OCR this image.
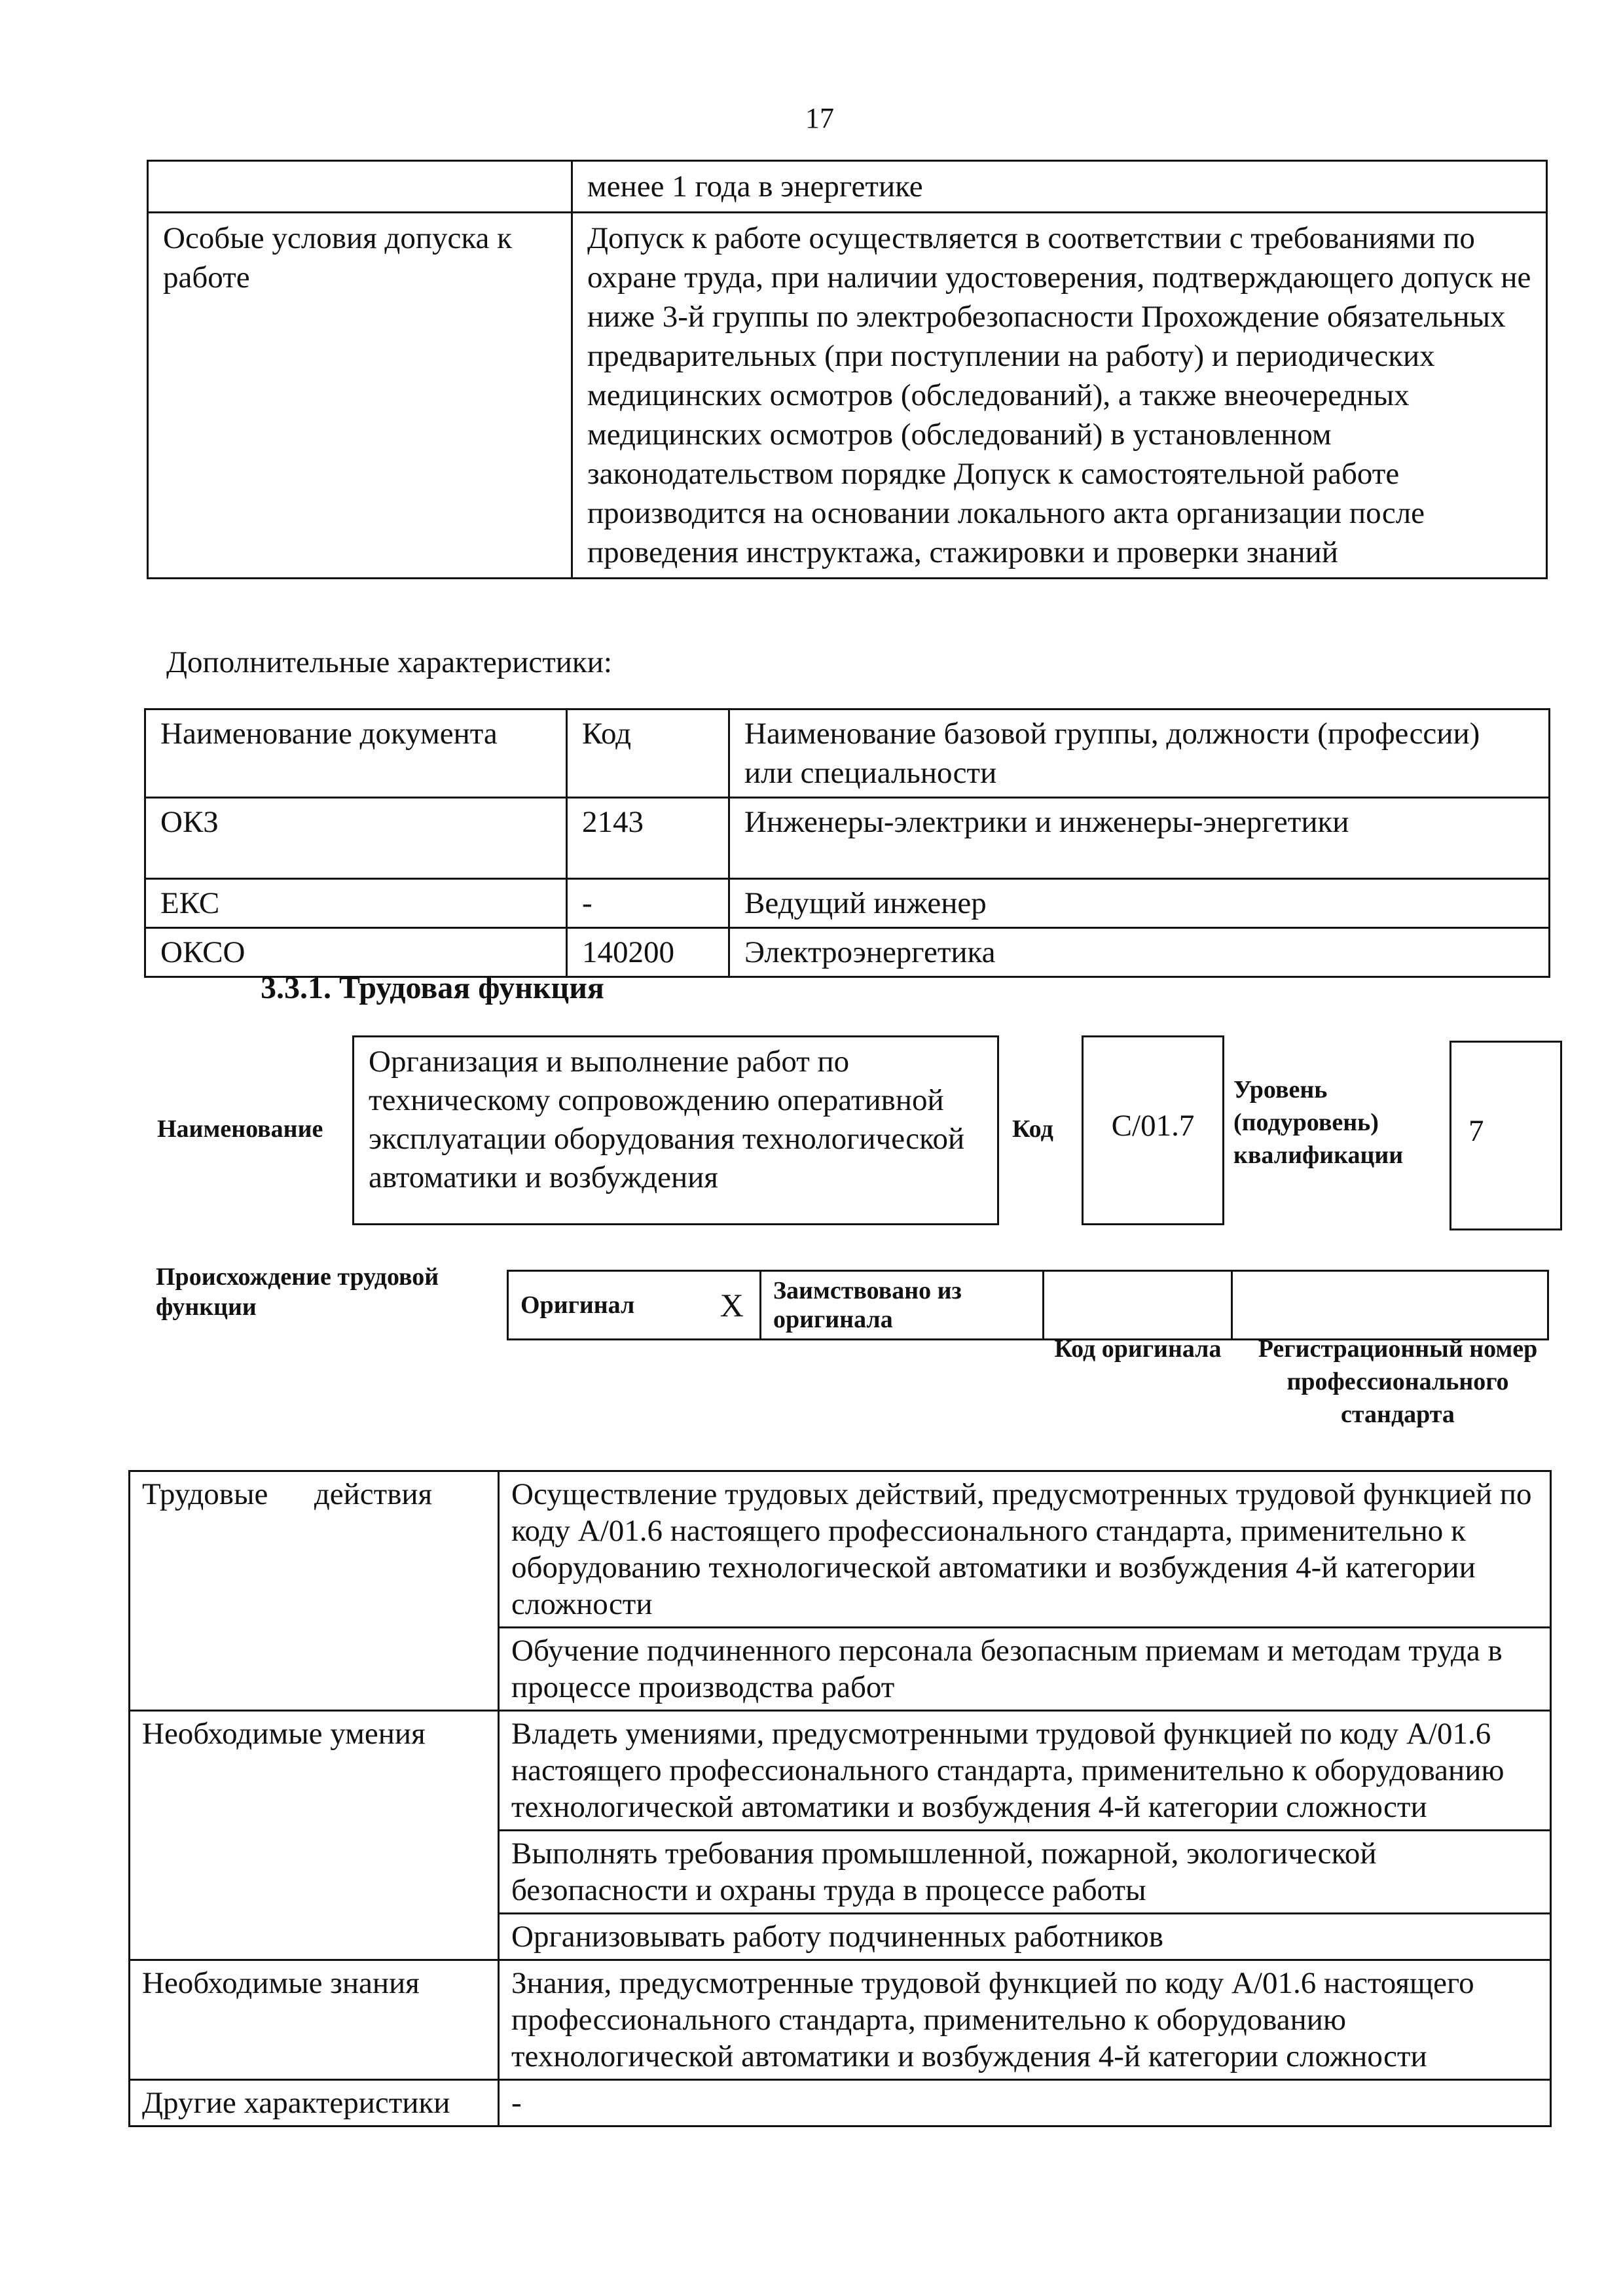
17
	менее 1 года в энергетике
Особые условия допуска к работе	Допуск к работе осуществляется в соответствии с требованиями по охране труда, при наличии удостоверения, подтверждающего допуск не ниже 3-й группы по электробезопасности Прохождение обязательных предварительных (при поступлении на работу) и периодических медицинских осмотров (обследований), а также внеочередных медицинских осмотров (обследований) в установленном законодательством порядке Допуск к самостоятельной работе производится на основании локального акта организации после проведения инструктажа, стажировки и проверки знаний
Дополнительные характеристики:
Наименование документа	Код	Наименование базовой группы, должности (профессии) или специальности
ОКЗ	2143	Инженеры-электрики и инженеры-энергетики
ЕКС	-	Ведущий инженер
ОКСО	140200	Электроэнергетика
3.3.1. Трудовая функция
Наименование
Организация и выполнение работ по техническому сопровождению оперативной эксплуатации оборудования технологической автоматики и возбуждения
Код	С/01.7
Уровень (подуровень) квалификации
7
Происхождение трудовой функции	Оригинал	Х	Заимствовано из оригинала		
Код оригинала	Регистрационный номер профессионального стандарта
Трудовые      действия	Осуществление трудовых действий, предусмотренных трудовой функцией по коду А/01.6 настоящего профессионального стандарта, применительно к оборудованию технологической автоматики и возбуждения 4-й категории сложности
	Обучение подчиненного персонала безопасным приемам и методам труда в процессе производства работ
Необходимые умения	Владеть умениями, предусмотренными трудовой функцией по коду А/01.6 настоящего профессионального стандарта, применительно к оборудованию технологической автоматики и возбуждения 4-й категории сложности
	Выполнять требования промышленной, пожарной, экологической безопасности и охраны труда в процессе работы
	Организовывать работу подчиненных работников
Необходимые знания	Знания, предусмотренные трудовой функцией по коду А/01.6 настоящего профессионального стандарта, применительно к оборудованию технологической автоматики и возбуждения 4-й категории сложности
Другие характеристики	-
